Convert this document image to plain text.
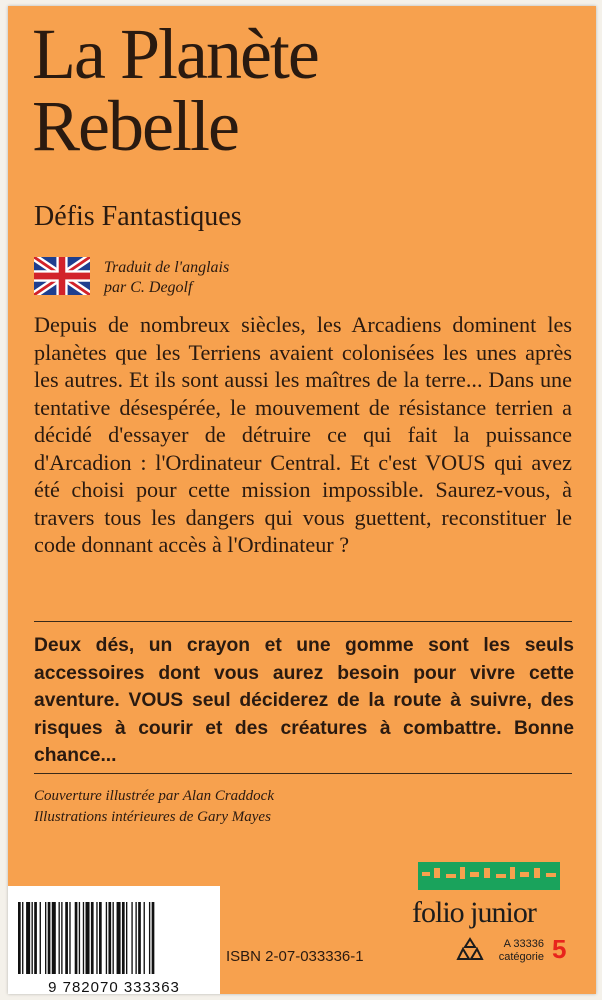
La Planète
Rebelle
Défis Fantastiques
Traduit de l'anglais
par C. Degolf

Depuis de nombreux siècles, les Arcadiens dominent les planètes que les Terriens avaient colonisées les unes après les autres. Et ils sont aussi les maîtres de la terre... Dans une tentative désespérée, le mouvement de résistance terrien a décidé d'essayer de détruire ce qui fait la puissance d'Arcadion : l'Ordinateur Central. Et c'est VOUS qui avez été choisi pour cette mission impossible. Saurez-vous, à travers tous les dangers qui vous guettent, reconstituer le code donnant accès à l'Ordinateur ?

Deux dés, un crayon et une gomme sont les seuls accessoires dont vous aurez besoin pour vivre cette aventure. VOUS seul déciderez de la route à suivre, des risques à courir et des créatures à combattre. Bonne chance...

Couverture illustrée par Alan Craddock
Illustrations intérieures de Gary Mayes
9 782070 333363
ISBN 2-07-033336-1
folio junior
A 33336
catégorie 5
